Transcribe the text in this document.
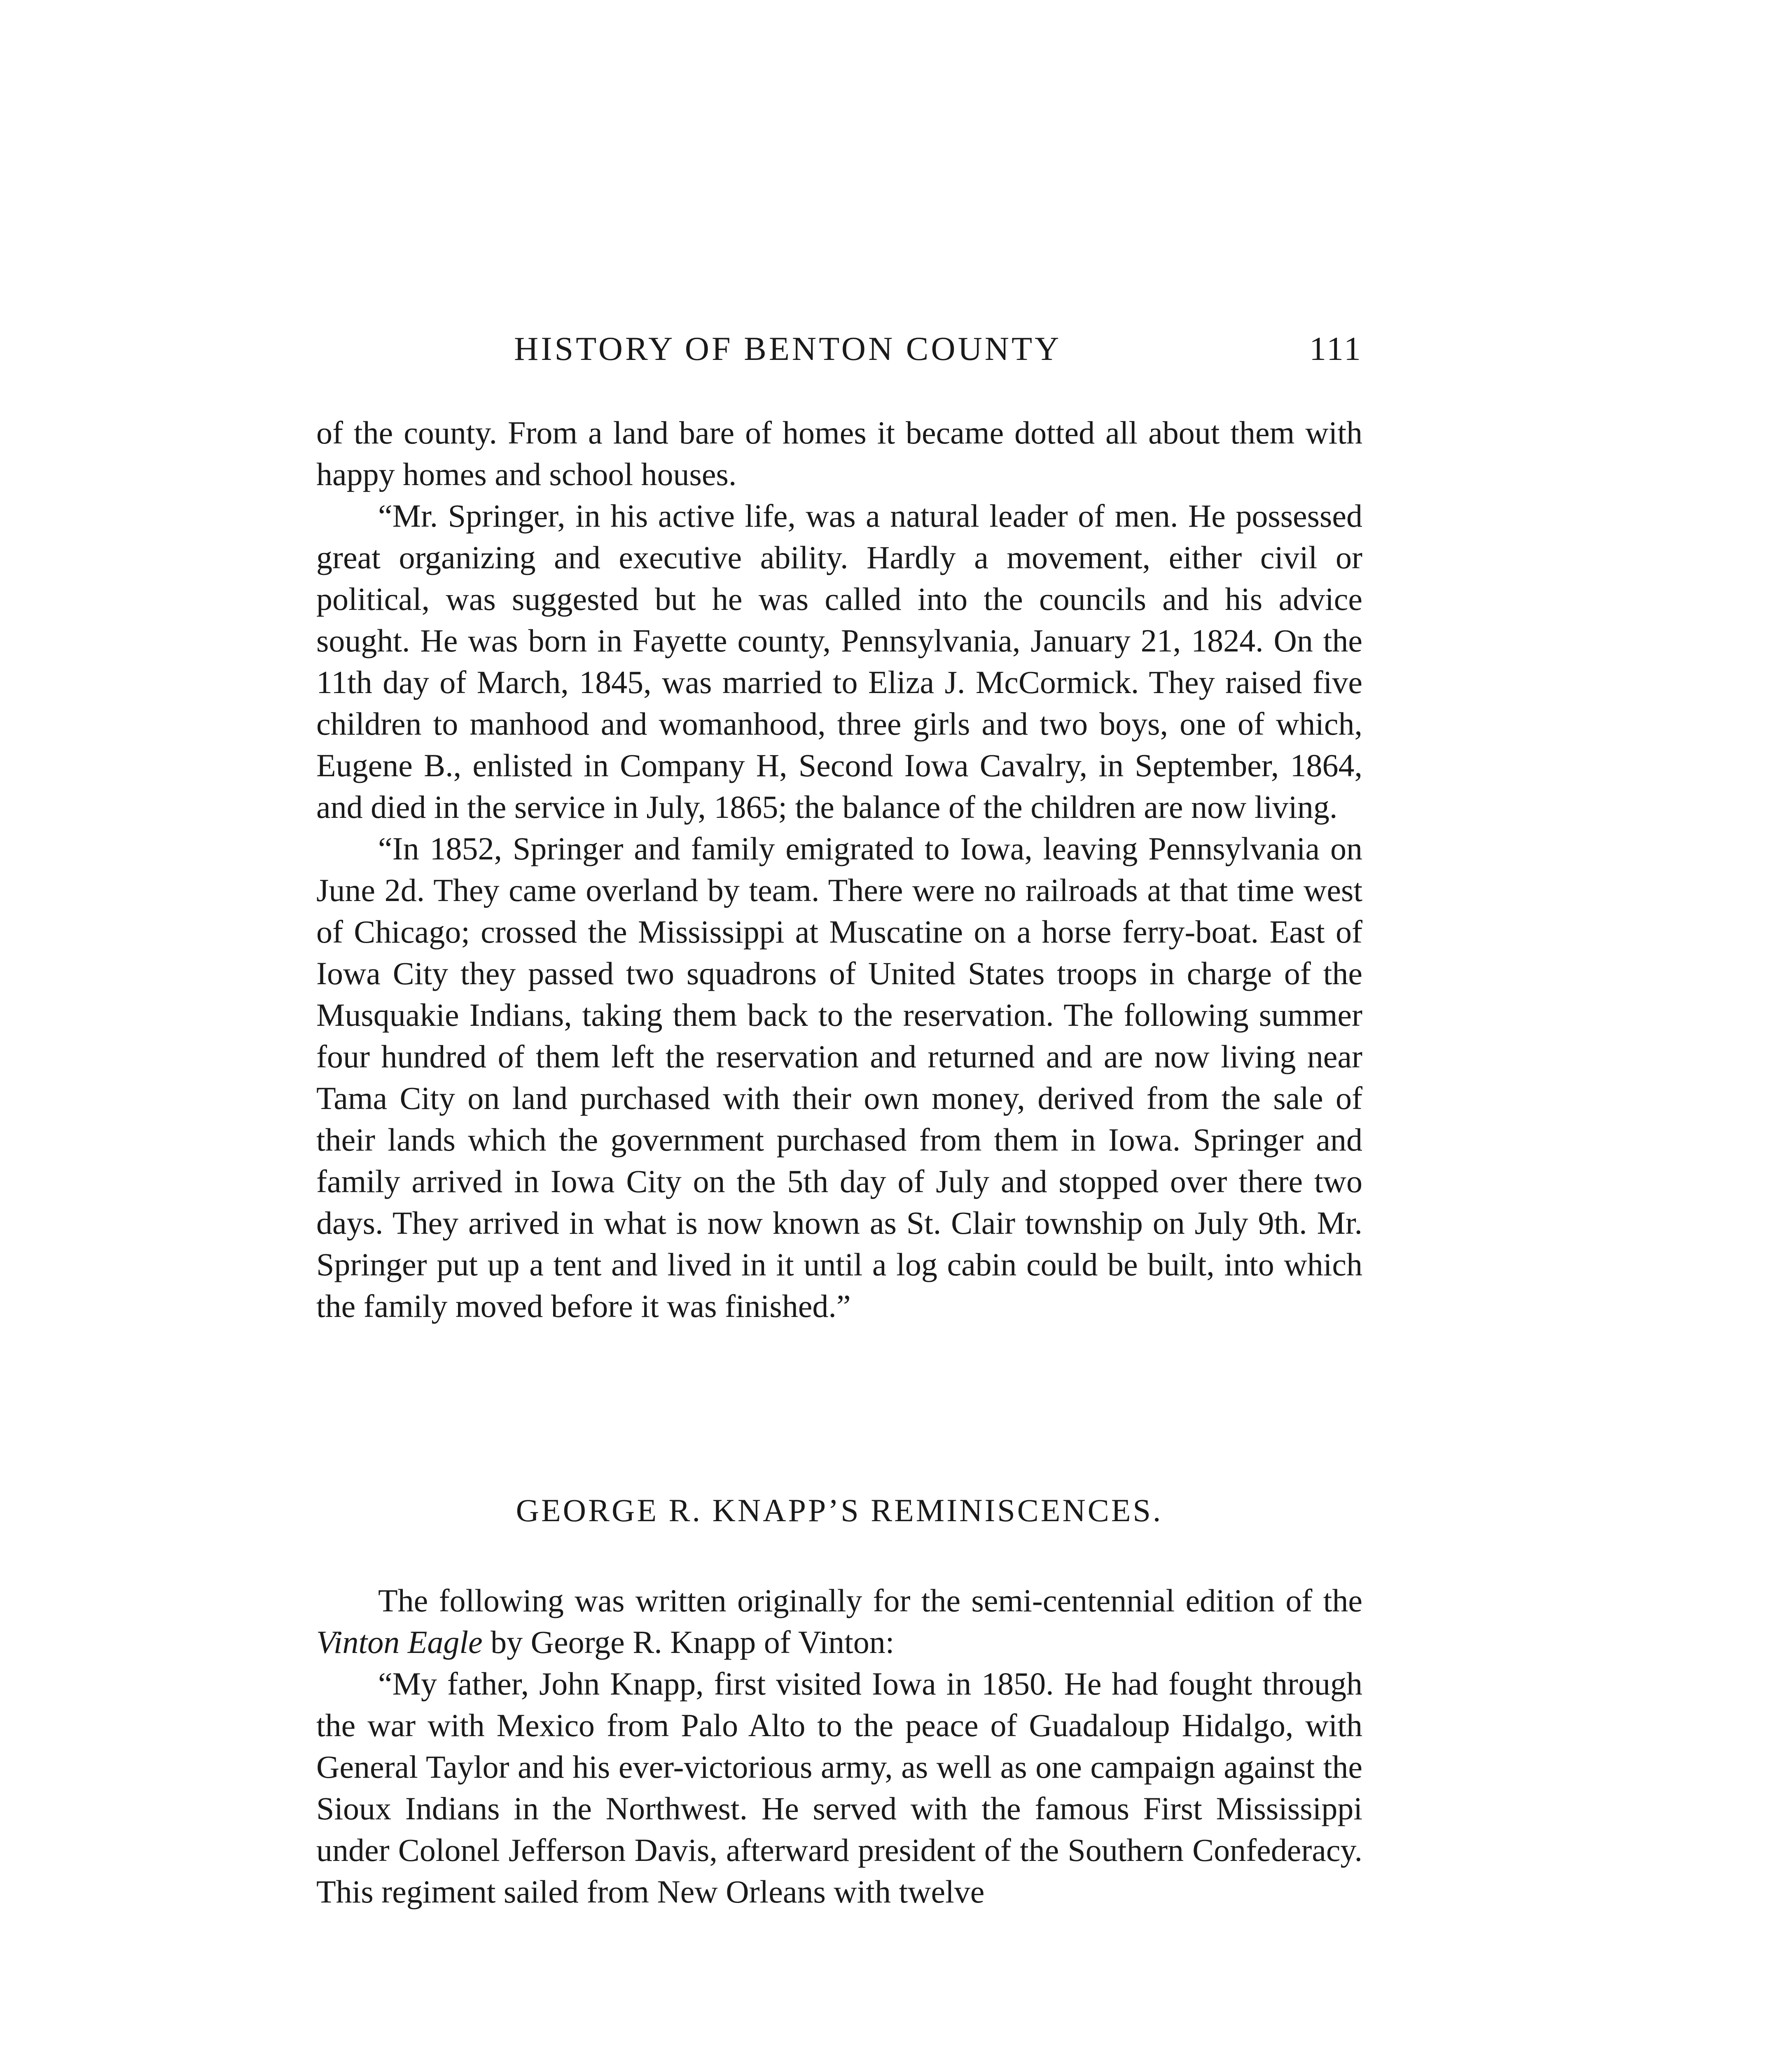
HISTORY OF BENTON COUNTY	111

of the county. From a land bare of homes it became dotted all about them with happy homes and school houses.

“Mr. Springer, in his active life, was a natural leader of men. He possessed great organizing and executive ability. Hardly a movement, either civil or political, was suggested but he was called into the councils and his advice sought. He was born in Fayette county, Pennsylvania, January 21, 1824. On the 11th day of March, 1845, was married to Eliza J. McCormick. They raised five children to manhood and womanhood, three girls and two boys, one of which, Eugene B., enlisted in Company H, Second Iowa Cavalry, in September, 1864, and died in the service in July, 1865; the balance of the children are now living.

“In 1852, Springer and family emigrated to Iowa, leaving Pennsylvania on June 2d. They came overland by team. There were no railroads at that time west of Chicago; crossed the Mississippi at Muscatine on a horse ferry-boat. East of Iowa City they passed two squadrons of United States troops in charge of the Musquakie Indians, taking them back to the reservation. The following summer four hundred of them left the reservation and returned and are now living near Tama City on land purchased with their own money, derived from the sale of their lands which the government purchased from them in Iowa. Springer and family arrived in Iowa City on the 5th day of July and stopped over there two days. They arrived in what is now known as St. Clair township on July 9th. Mr. Springer put up a tent and lived in it until a log cabin could be built, into which the family moved before it was finished.”

GEORGE R. KNAPP’S REMINISCENCES.

The following was written originally for the semi-centennial edition of the Vinton Eagle by George R. Knapp of Vinton:

“My father, John Knapp, first visited Iowa in 1850. He had fought through the war with Mexico from Palo Alto to the peace of Guadaloup Hidalgo, with General Taylor and his ever-victorious army, as well as one campaign against the Sioux Indians in the Northwest. He served with the famous First Mississippi under Colonel Jefferson Davis, afterward president of the Southern Confederacy. This regiment sailed from New Orleans with twelve
